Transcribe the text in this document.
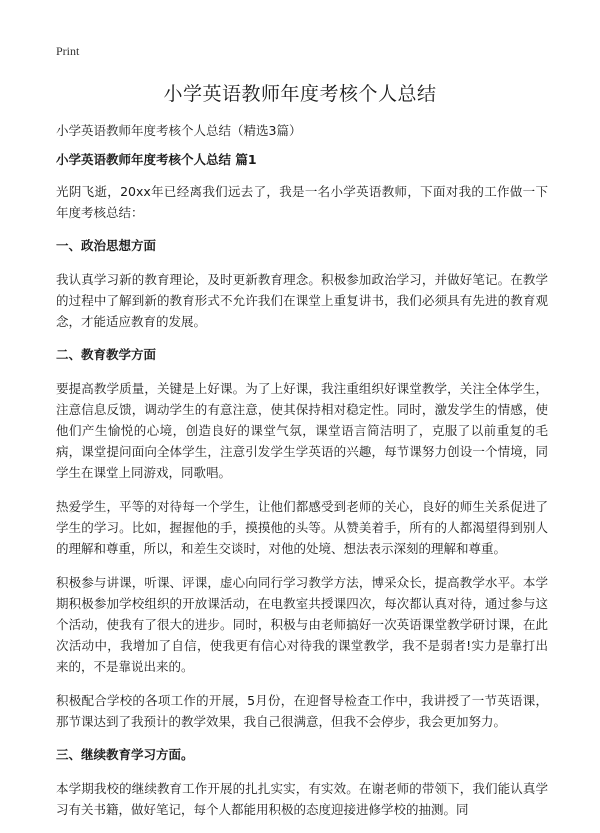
Print
小学英语教师年度考核个人总结

小学英语教师年度考核个人总结（精选3篇）

小学英语教师年度考核个人总结 篇1

光阴飞逝，20xx年已经离我们远去了，我是一名小学英语教师，下面对我的工作做一下年度考核总结：

一、政治思想方面

我认真学习新的教育理论，及时更新教育理念。积极参加政治学习，并做好笔记。在教学的过程中了解到新的教育形式不允许我们在课堂上重复讲书，我们必须具有先进的教育观念，才能适应教育的发展。

二、教育教学方面

要提高教学质量，关键是上好课。为了上好课，我注重组织好课堂教学，关注全体学生，注意信息反馈，调动学生的有意注意，使其保持相对稳定性。同时，激发学生的情感，使他们产生愉悦的心境，创造良好的课堂气氛，课堂语言简洁明了，克服了以前重复的毛病，课堂提问面向全体学生，注意引发学生学英语的兴趣，每节课努力创设一个情境，同学生在课堂上同游戏，同歌唱。

热爱学生，平等的对待每一个学生，让他们都感受到老师的关心，良好的师生关系促进了学生的学习。比如，握握他的手，摸摸他的头等。从赞美着手，所有的人都渴望得到别人的理解和尊重，所以，和差生交谈时，对他的处境、想法表示深刻的理解和尊重。

积极参与讲课，听课、评课，虚心向同行学习教学方法，博采众长，提高教学水平。本学期积极参加学校组织的开放课活动，在电教室共授课四次，每次都认真对待，通过参与这个活动，使我有了很大的进步。同时，积极与由老师搞好一次英语课堂教学研讨课，在此次活动中，我增加了自信，使我更有信心对待我的课堂教学，我不是弱者!实力是靠打出来的，不是靠说出来的。

积极配合学校的各项工作的开展，5月份，在迎督导检查工作中，我讲授了一节英语课，那节课达到了我预计的教学效果，我自己很满意，但我不会停步，我会更加努力。

三、继续教育学习方面。

本学期我校的继续教育工作开展的扎扎实实，有实效。在谢老师的带领下，我们能认真学习有关书籍，做好笔记，每个人都能用积极的态度迎接进修学校的抽测。同
